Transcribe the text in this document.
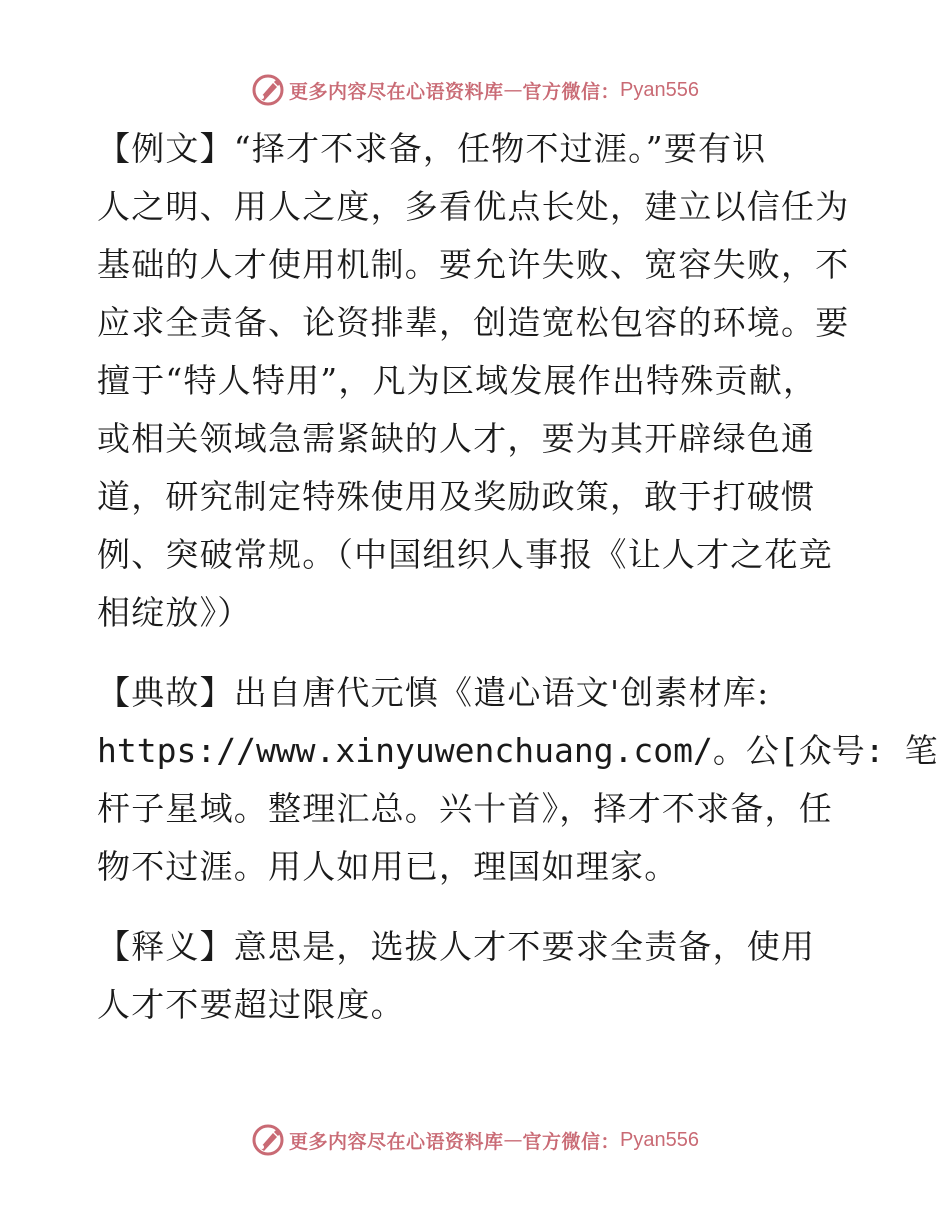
更多内容尽在心语资料库 — 官方微信： Pyan556
【例文】“择才不求备，任物不过涯。”要有识
人之明、用人之度，多看优点长处，建立以信任为
基础的人才使用机制。要允许失败、宽容失败，不
应求全责备、论资排辈，创造宽松包容的环境。要
擅于“特人特用”，凡为区域发展作出特殊贡献，
或相关领域急需紧缺的人才，要为其开辟绿色通
道，研究制定特殊使用及奖励政策，敢于打破惯
例、突破常规。（中国组织人事报《让人才之花竞
相绽放》）
【典故】出自唐代元慎《遣心语文'创素材库:
https://www.xinyuwenchuang.com/。公[众号: 笔
杆子星域。整理汇总。兴十首》，择才不求备，任
物不过涯。用人如用已，理国如理家。
【释义】意思是，选拔人才不要求全责备，使用
人才不要超过限度。
更多内容尽在心语资料库 — 官方微信： Pyan556
